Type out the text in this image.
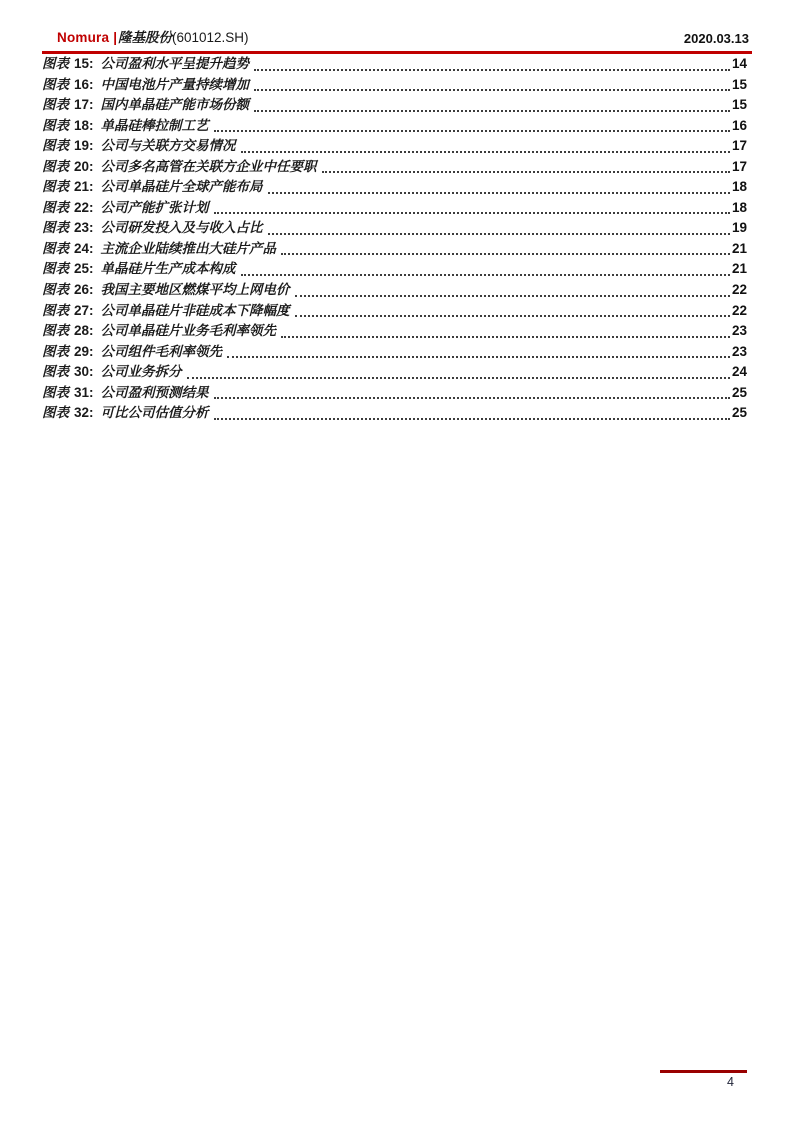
Nomura |隆基股份(601012.SH)	2020.03.13
图表 15: 公司盈利水平呈提升趋势	14
图表 16: 中国电池片产量持续增加	15
图表 17: 国内单晶硅产能市场份额	15
图表 18: 单晶硅棒拉制工艺	16
图表 19: 公司与关联方交易情况	17
图表 20: 公司多名高管在关联方企业中任要职	17
图表 21: 公司单晶硅片全球产能布局	18
图表 22: 公司产能扩张计划	18
图表 23: 公司研发投入及与收入占比	19
图表 24: 主流企业陆续推出大硅片产品	21
图表 25: 单晶硅片生产成本构成	21
图表 26: 我国主要地区燃煤平均上网电价	22
图表 27: 公司单晶硅片非硅成本下降幅度	22
图表 28: 公司单晶硅片业务毛利率领先	23
图表 29: 公司组件毛利率领先	23
图表 30: 公司业务拆分	24
图表 31: 公司盈利预测结果	25
图表 32: 可比公司估值分析	25
4
